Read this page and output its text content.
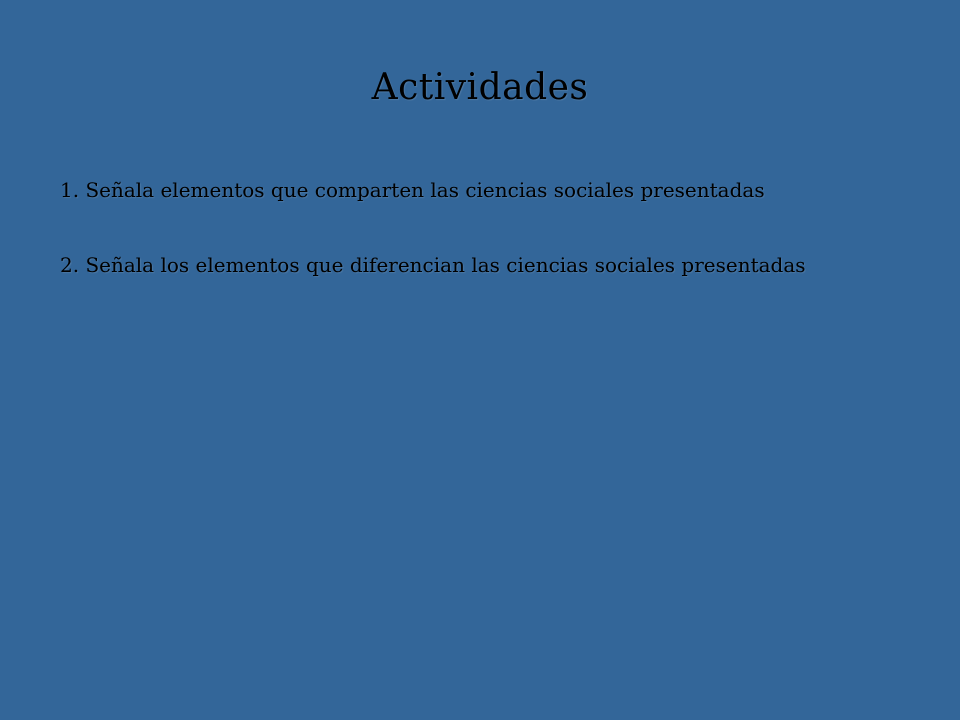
Actividades
1. Señala elementos que comparten las ciencias sociales presentadas
2. Señala los elementos que diferencian las ciencias sociales presentadas
